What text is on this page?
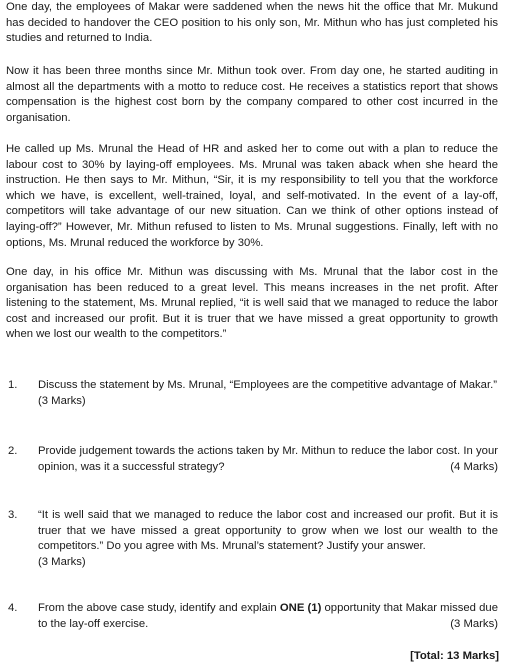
One day, the employees of Makar were saddened when the news hit the office that Mr. Mukund has decided to handover the CEO position to his only son, Mr. Mithun who has just completed his studies and returned to India.

Now it has been three months since Mr. Mithun took over. From day one, he started auditing in almost all the departments with a motto to reduce cost. He receives a statistics report that shows compensation is the highest cost born by the company compared to other cost incurred in the organisation.

He called up Ms. Mrunal the Head of HR and asked her to come out with a plan to reduce the labour cost to 30% by laying-off employees. Ms. Mrunal was taken aback when she heard the instruction. He then says to Mr. Mithun, “Sir, it is my responsibility to tell you that the workforce which we have, is excellent, well-trained, loyal, and self-motivated. In the event of a lay-off, competitors will take advantage of our new situation. Can we think of other options instead of laying-off?” However, Mr. Mithun refused to listen to Ms. Mrunal suggestions. Finally, left with no options, Ms. Mrunal reduced the workforce by 30%.

One day, in his office Mr. Mithun was discussing with Ms. Mrunal that the labor cost in the organisation has been reduced to a great level. This means increases in the net profit. After listening to the statement, Ms. Mrunal replied, “it is well said that we managed to reduce the labor cost and increased our profit. But it is truer that we have missed a great opportunity to growth when we lost our wealth to the competitors.”

1.	Discuss the statement by Ms. Mrunal, “Employees are the competitive advantage of Makar.”
(3 Marks)
2.	Provide judgement towards the actions taken by Mr. Mithun to reduce the labor cost. In your opinion, was it a successful strategy?	(4 Marks)
3.	“It is well said that we managed to reduce the labor cost and increased our profit. But it is truer that we have missed a great opportunity to grow when we lost our wealth to the competitors.” Do you agree with Ms. Mrunal’s statement? Justify your answer.
(3 Marks)
4.	From the above case study, identify and explain ONE (1) opportunity that Makar missed due to the lay-off exercise.	(3 Marks)
[Total: 13 Marks]
